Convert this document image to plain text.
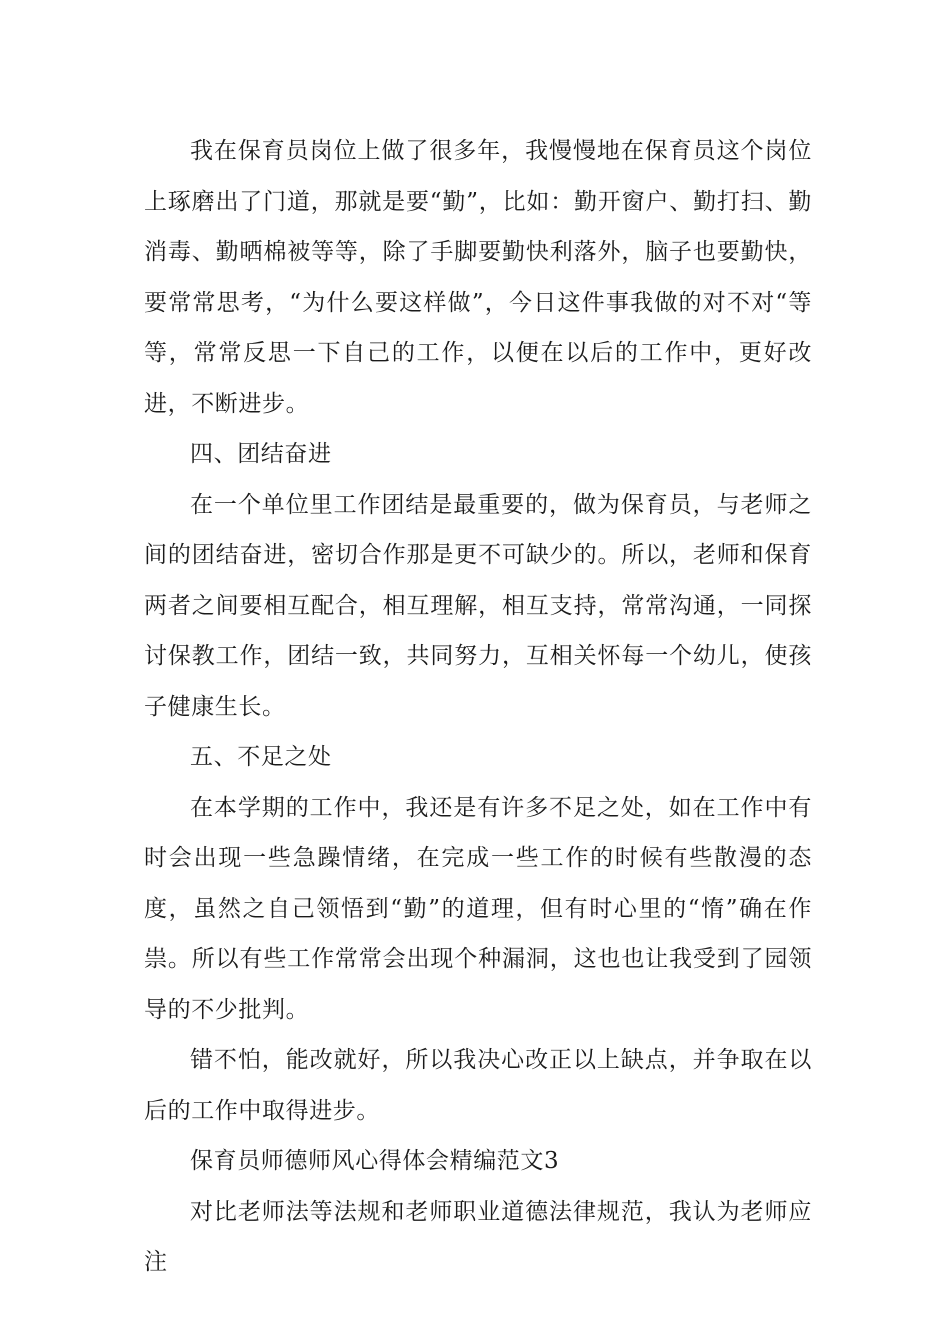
我在保育员岗位上做了很多年，我慢慢地在保育员这个岗位上琢磨出了门道，那就是要“勤”，比如：勤开窗户、勤打扫、勤消毒、勤晒棉被等等，除了手脚要勤快利落外，脑子也要勤快，要常常思考，“为什么要这样做”，今日这件事我做的对不对“等等，常常反思一下自己的工作，以便在以后的工作中，更好改进，不断进步。

四、团结奋进

在一个单位里工作团结是最重要的，做为保育员，与老师之间的团结奋进，密切合作那是更不可缺少的。所以，老师和保育两者之间要相互配合，相互理解，相互支持，常常沟通，一同探讨保教工作，团结一致，共同努力，互相关怀每一个幼儿，使孩子健康生长。

五、不足之处

在本学期的工作中，我还是有许多不足之处，如在工作中有时会出现一些急躁情绪，在完成一些工作的时候有些散漫的态度，虽然之自己领悟到“勤”的道理，但有时心里的“惰”确在作祟。所以有些工作常常会出现个种漏洞，这也也让我受到了园领导的不少批判。

错不怕，能改就好，所以我决心改正以上缺点，并争取在以后的工作中取得进步。

保育员师德师风心得体会精编范文3

对比老师法等法规和老师职业道德法律规范，我认为老师应注
